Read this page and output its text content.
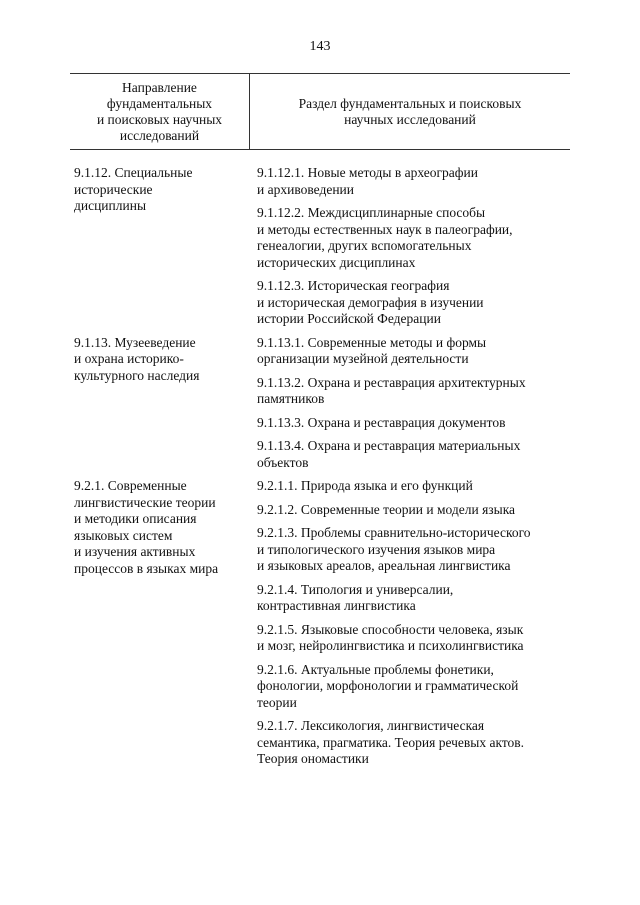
143
Направление
фундаментальных
и поисковых научных
исследований
Раздел фундаментальных и поисковых
научных исследований
9.1.12. Специальные
исторические
дисциплины
9.1.12.1. Новые методы в археографии
и архивоведении
9.1.12.2. Междисциплинарные способы
и методы естественных наук в палеографии,
генеалогии, других вспомогательных
исторических дисциплинах
9.1.12.3. Историческая география
и историческая демография в изучении
истории Российской Федерации
9.1.13. Музееведение
и охрана историко-
культурного наследия
9.1.13.1. Современные методы и формы
организации музейной деятельности
9.1.13.2. Охрана и реставрация архитектурных
памятников
9.1.13.3. Охрана и реставрация документов
9.1.13.4. Охрана и реставрация материальных
объектов
9.2.1. Современные
лингвистические теории
и методики описания
языковых систем
и изучения активных
процессов в языках мира
9.2.1.1. Природа языка и его функций
9.2.1.2. Современные теории и модели языка
9.2.1.3. Проблемы сравнительно-исторического
и типологического изучения языков мира
и языковых ареалов, ареальная лингвистика
9.2.1.4. Типология и универсалии,
контрастивная лингвистика
9.2.1.5. Языковые способности человека, язык
и мозг, нейролингвистика и психолингвистика
9.2.1.6. Актуальные проблемы фонетики,
фонологии, морфонологии и грамматической
теории
9.2.1.7. Лексикология, лингвистическая
семантика, прагматика. Теория речевых актов.
Теория ономастики
